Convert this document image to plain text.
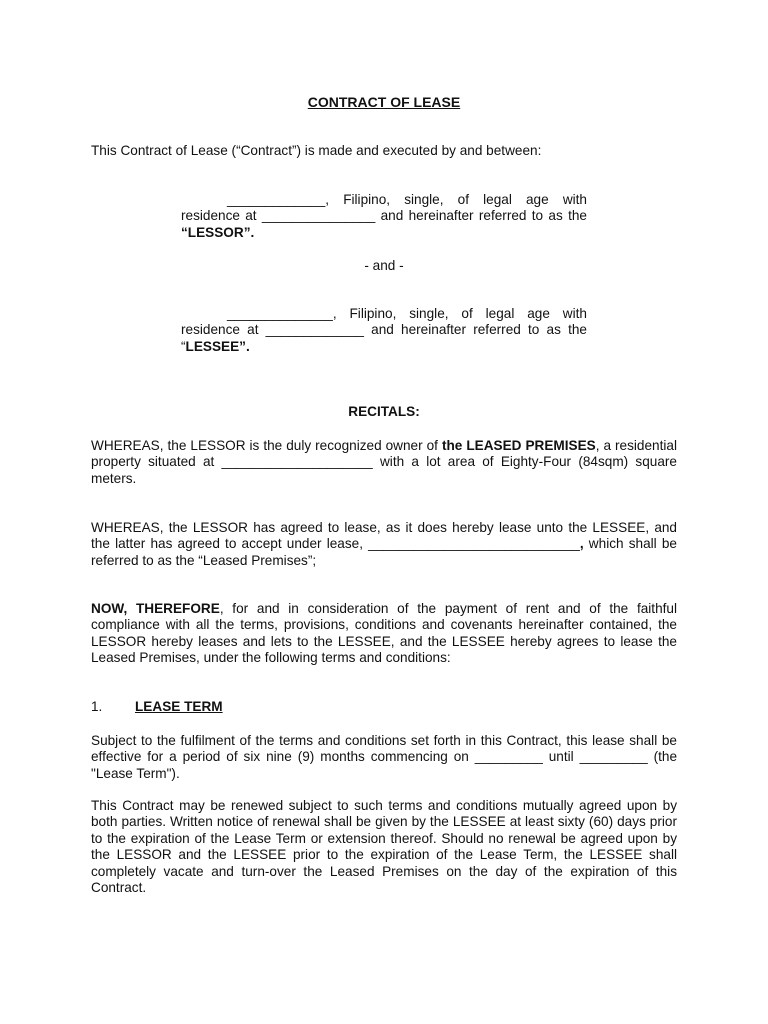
CONTRACT OF LEASE

This Contract of Lease (“Contract”) is made and executed by and between:

_____________, Filipino, single, of legal age with
residence at _______________ and hereinafter referred to as the
“LESSOR”.

- and -

______________, Filipino, single, of legal age with
residence at _____________ and hereinafter referred to as the
“LESSEE”.

RECITALS:

WHEREAS, the LESSOR is the duly recognized owner of the LEASED PREMISES, a residential property situated at ____________________ with a lot area of Eighty-Four (84sqm) square meters.

WHEREAS, the LESSOR has agreed to lease, as it does hereby lease unto the LESSEE, and the latter has agreed to accept under lease, ____________________________, which shall be referred to as the “Leased Premises”;

NOW, THEREFORE, for and in consideration of the payment of rent and of the faithful compliance with all the terms, provisions, conditions and covenants hereinafter contained, the LESSOR hereby leases and lets to the LESSEE, and the LESSEE hereby agrees to lease the Leased Premises, under the following terms and conditions:

1. LEASE TERM

Subject to the fulfilment of the terms and conditions set forth in this Contract, this lease shall be effective for a period of six nine (9) months commencing on _________ until _________ (the "Lease Term").

This Contract may be renewed subject to such terms and conditions mutually agreed upon by both parties. Written notice of renewal shall be given by the LESSEE at least sixty (60) days prior to the expiration of the Lease Term or extension thereof. Should no renewal be agreed upon by the LESSOR and the LESSEE prior to the expiration of the Lease Term, the LESSEE shall completely vacate and turn-over the Leased Premises on the day of the expiration of this Contract.
